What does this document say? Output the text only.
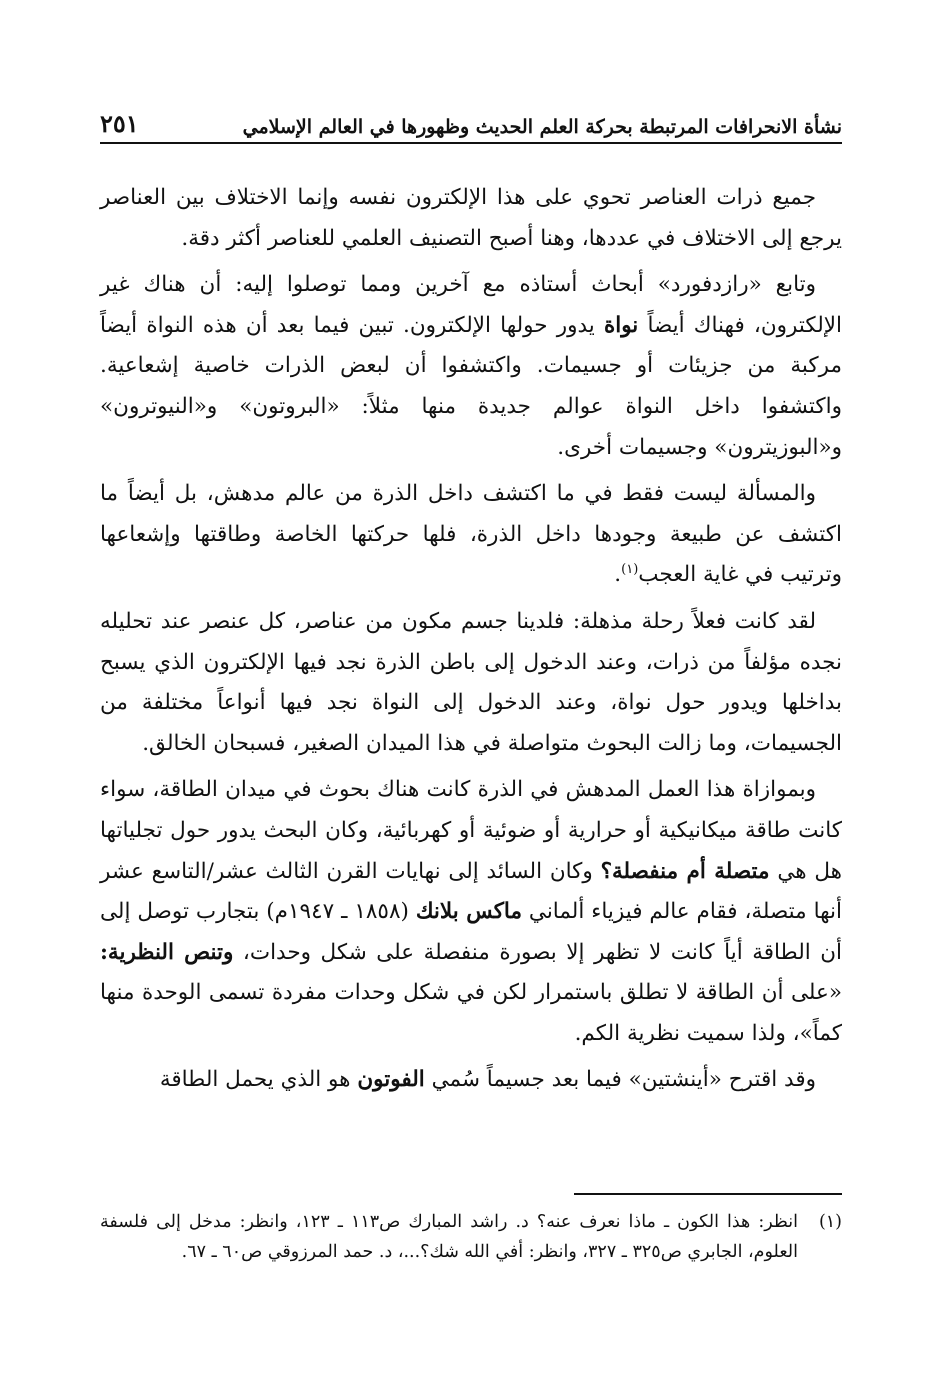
نشأة الانحرافات المرتبطة بحركة العلم الحديث وظهورها في العالم الإسلامي
٢٥١

جميع ذرات العناصر تحوي على هذا الإلكترون نفسه وإنما الاختلاف بين العناصر يرجع إلى الاختلاف في عددها، وهنا أصبح التصنيف العلمي للعناصر أكثر دقة.

وتابع «رازدفورد» أبحاث أستاذه مع آخرين ومما توصلوا إليه: أن هناك غير الإلكترون، فهناك أيضاً نواة يدور حولها الإلكترون. تبين فيما بعد أن هذه النواة أيضاً مركبة من جزيئات أو جسيمات. واكتشفوا أن لبعض الذرات خاصية إشعاعية. واكتشفوا داخل النواة عوالم جديدة منها مثلاً: «البروتون» و«النيوترون» و«البوزيترون» وجسيمات أخرى.

والمسألة ليست فقط في ما اكتشف داخل الذرة من عالم مدهش، بل أيضاً ما اكتشف عن طبيعة وجودها داخل الذرة، فلها حركتها الخاصة وطاقتها وإشعاعها وترتيب في غاية العجب$^{(١)}$.

لقد كانت فعلاً رحلة مذهلة: فلدينا جسم مكون من عناصر، كل عنصر عند تحليله نجده مؤلفاً من ذرات، وعند الدخول إلى باطن الذرة نجد فيها الإلكترون الذي يسبح بداخلها ويدور حول نواة، وعند الدخول إلى النواة نجد فيها أنواعاً مختلفة من الجسيمات، وما زالت البحوث متواصلة في هذا الميدان الصغير، فسبحان الخالق.

وبموازاة هذا العمل المدهش في الذرة كانت هناك بحوث في ميدان الطاقة، سواء كانت طاقة ميكانيكية أو حرارية أو ضوئية أو كهربائية، وكان البحث يدور حول تجلياتها هل هي متصلة أم منفصلة؟ وكان السائد إلى نهايات القرن الثالث عشر/التاسع عشر أنها متصلة، فقام عالم فيزياء ألماني ماكس بلانك (١٨٥٨ ـ ١٩٤٧م) بتجارب توصل إلى أن الطاقة أياً كانت لا تظهر إلا بصورة منفصلة على شكل وحدات، وتنص النظرية: «على أن الطاقة لا تطلق باستمرار لكن في شكل وحدات مفردة تسمى الوحدة منها كماً»، ولذا سميت نظرية الكم.

وقد اقترح «أينشتين» فيما بعد جسيماً سُمي الفوتون هو الذي يحمل الطاقة

(١)
انظر: هذا الكون ـ ماذا نعرف عنه؟ د. راشد المبارك ص١١٣ ـ ١٢٣، وانظر: مدخل إلى فلسفة العلوم، الجابري ص٣٢٥ ـ ٣٢٧، وانظر: أفي الله شك؟...، د. حمد المرزوقي ص٦٠ ـ ٦٧.
